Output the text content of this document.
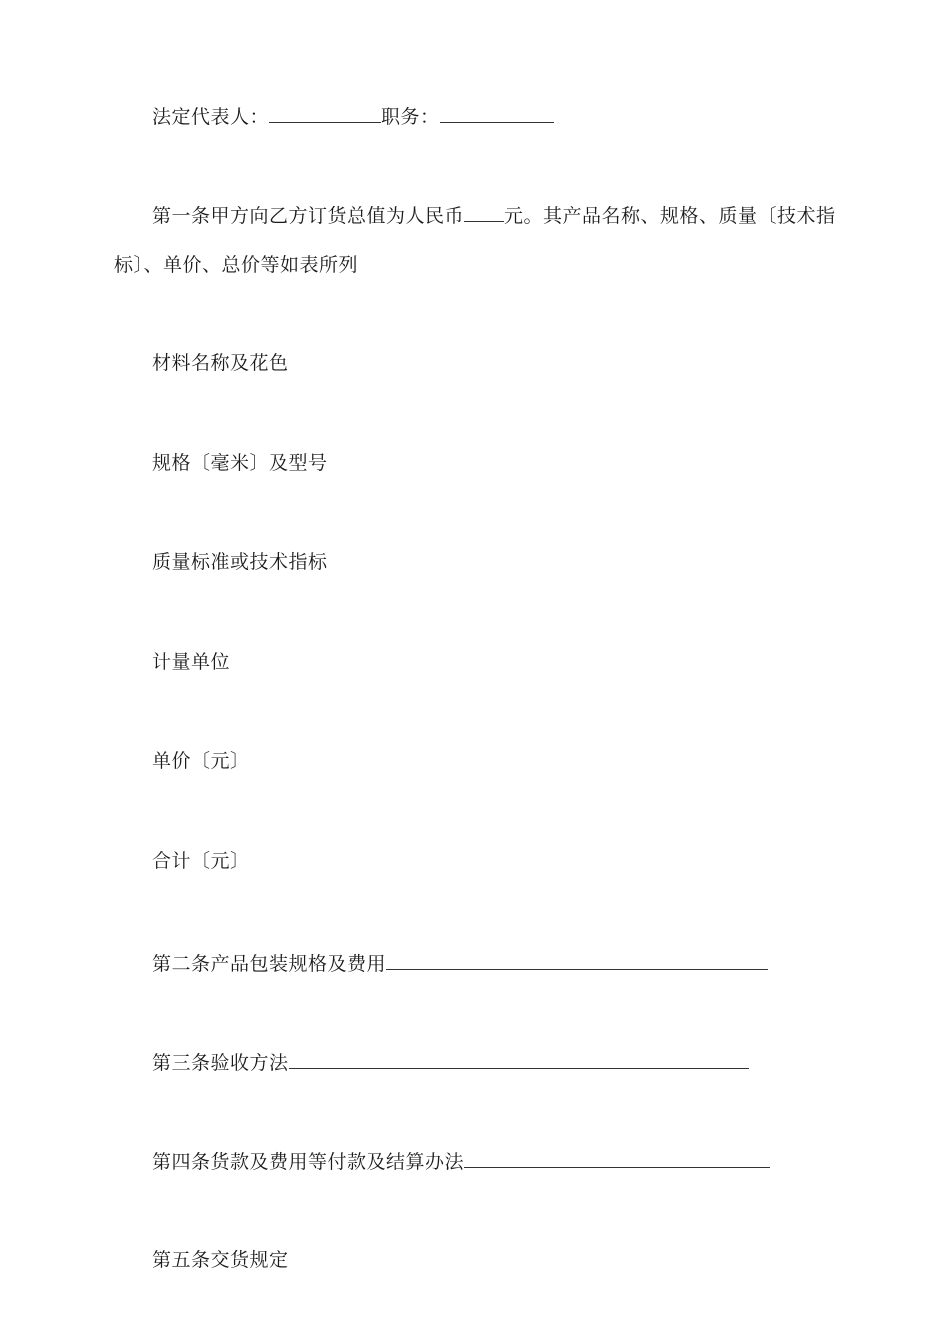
法定代表人：	职务：
第一条甲方向乙方订货总值为人民币 元。其产品名称、规格、质量〔技术指
标〕、单价、总价等如表所列
材料名称及花色
规格〔毫米〕及型号
质量标准或技术指标
计量单位
单价〔元〕
合计〔元〕
第二条产品包装规格及费用
第三条验收方法
第四条货款及费用等付款及结算办法
第五条交货规定
